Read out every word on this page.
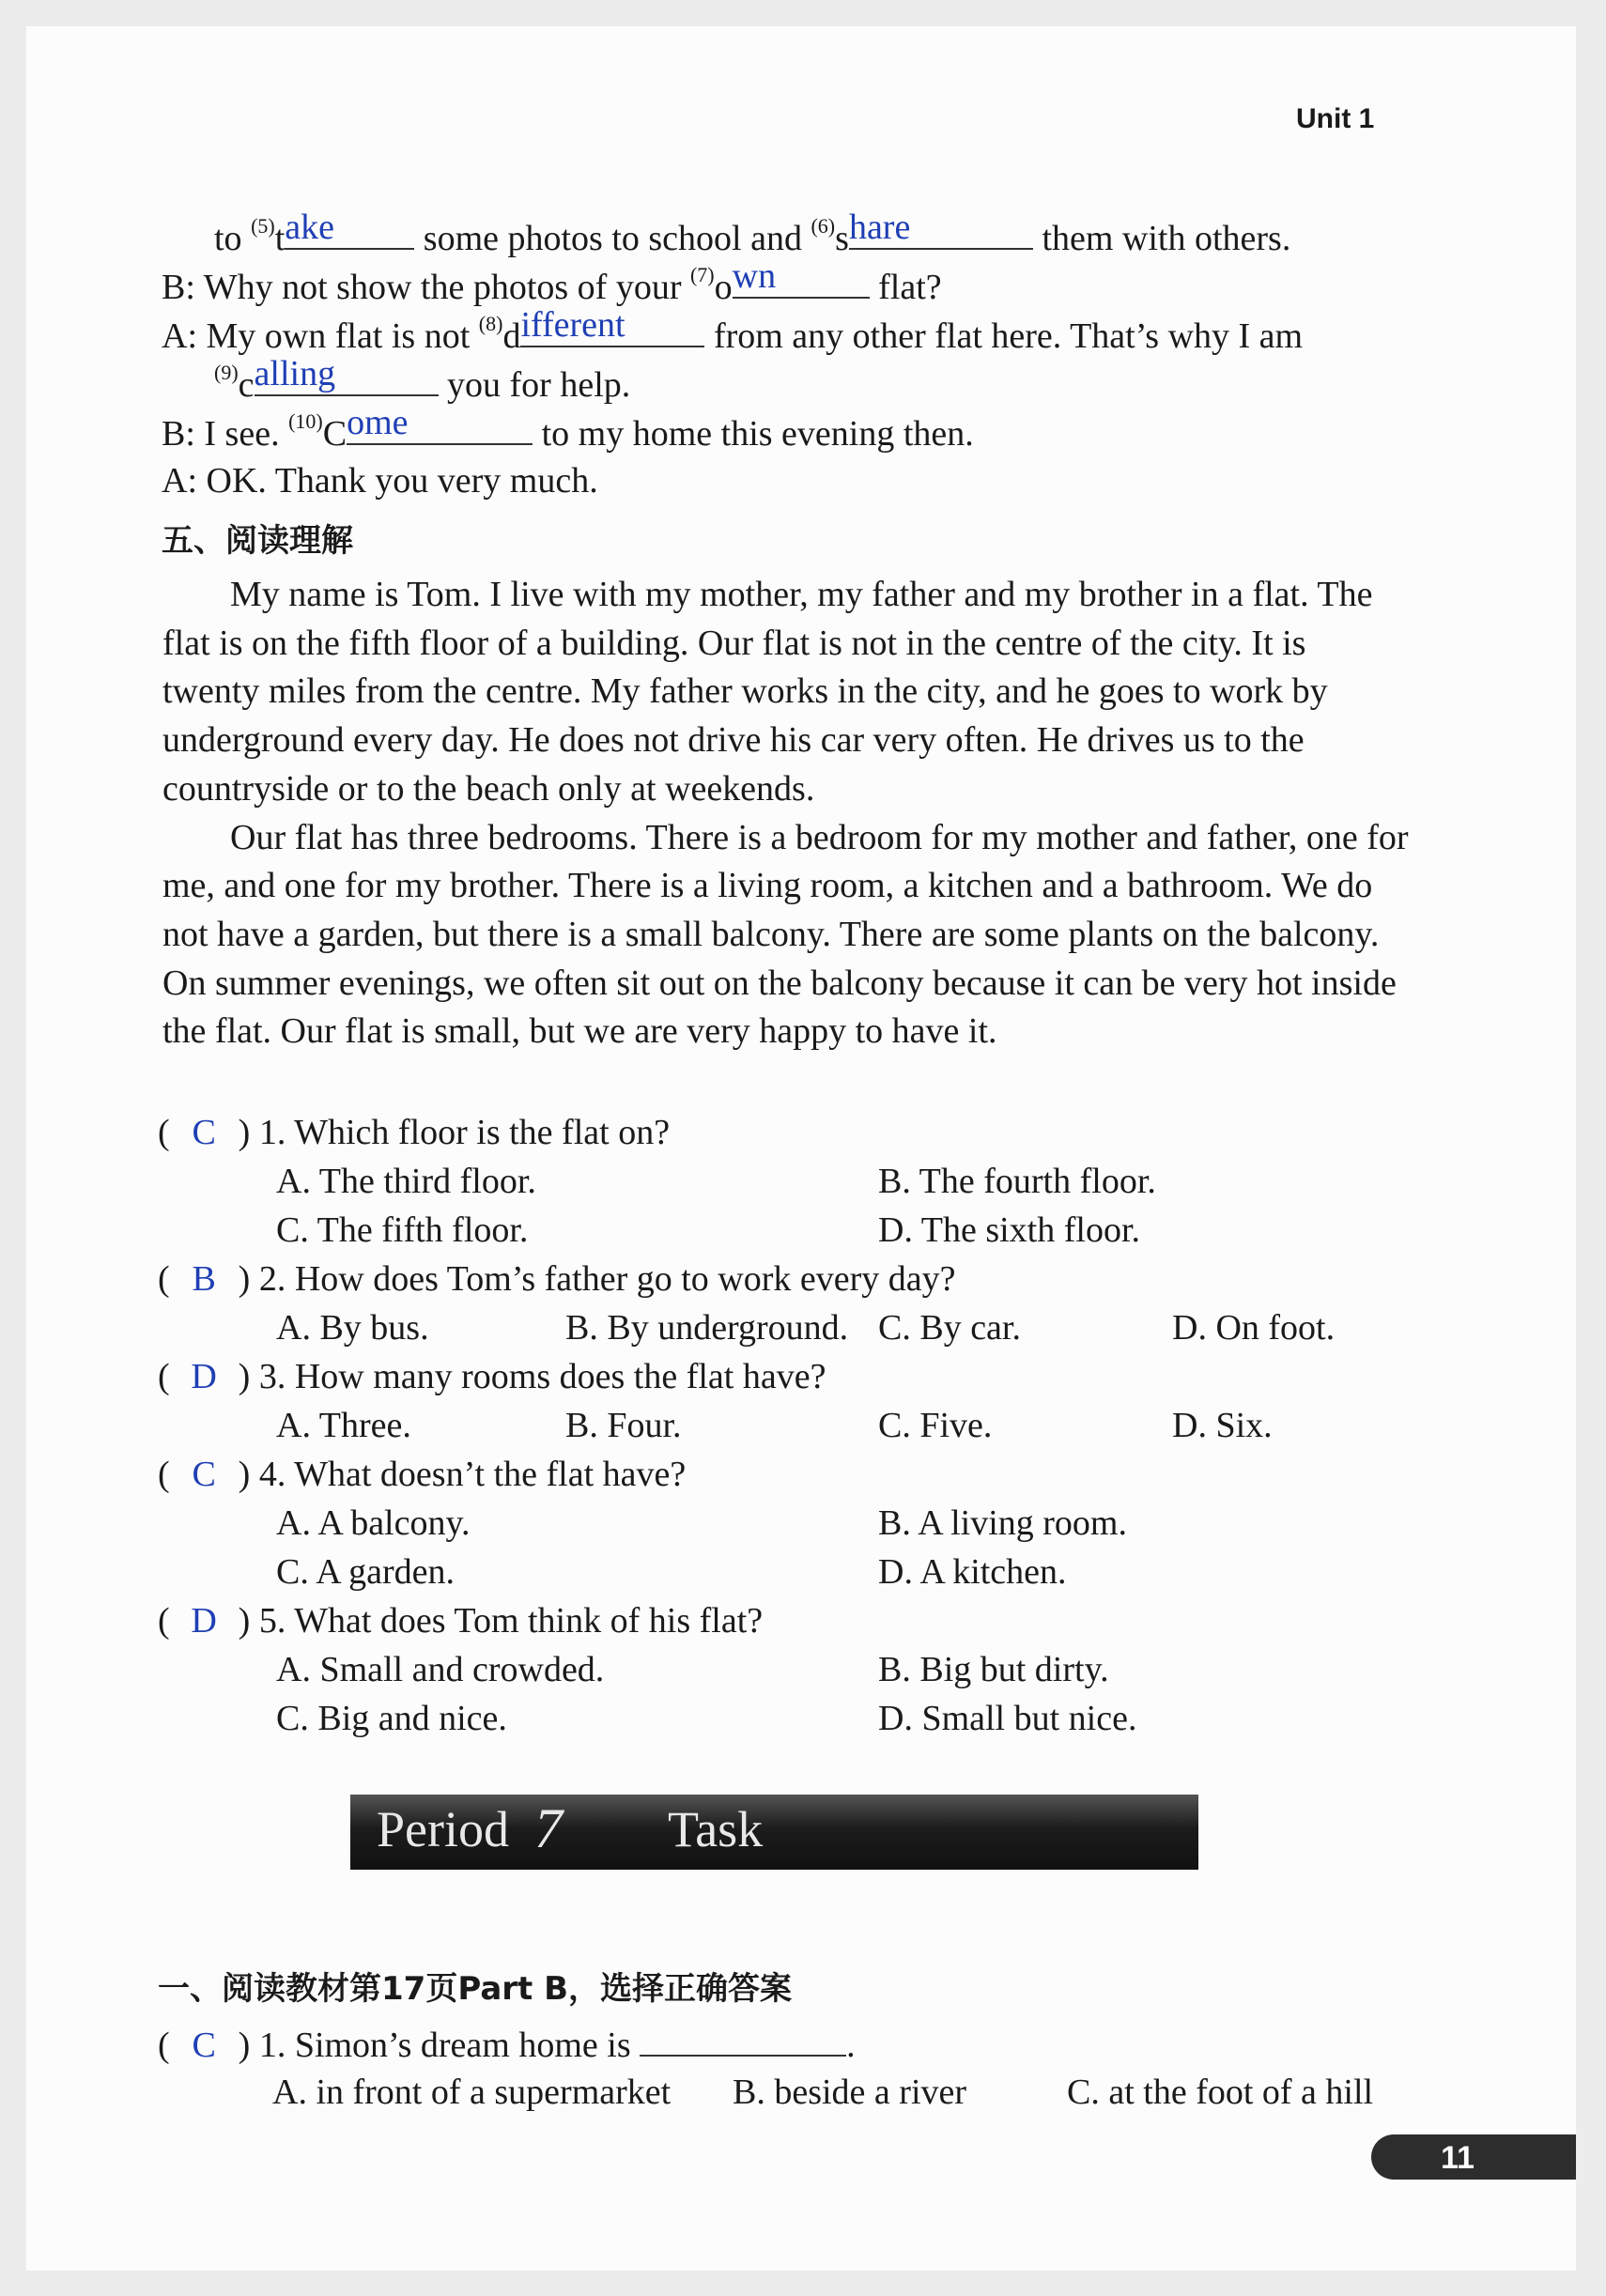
Unit 1
to $^{(5)}$t ake some photos to school and $^{(6)}$s hare	them with others.
B: Why not show the photos of your $^{(7)}$o wn	flat?
A: My own flat is not $^{(8)}$d ifferent from any other flat here. That’s why I am
$^{(9)}$c alling	you for help.
B: I see. $^{(10)}$C ome	to my home this evening then.
A: OK. Thank you very much.
五、阅读理解

My name is Tom. I live with my mother, my father and my brother in a flat. The flat is on the fifth floor of a building. Our flat is not in the centre of the city. It is twenty miles from the centre. My father works in the city, and he goes to work by underground every day. He does not drive his car very often. He drives us to the countryside or to the beach only at weekends.

Our flat has three bedrooms. There is a bedroom for my mother and father, one for me, and one for my brother. There is a living room, a kitchen and a bathroom. We do not have a garden, but there is a small balcony. There are some plants on the balcony. On summer evenings, we often sit out on the balcony because it can be very hot inside the flat. Our flat is small, but we are very happy to have it.

( C ) 1. Which floor is the flat on?
A. The third floor.	B. The fourth floor.
C. The fifth floor.	D. The sixth floor.
( B ) 2. How does Tom’s father go to work every day?
A. By bus.	B. By underground. C. By car.	D. On foot.
( D ) 3. How many rooms does the flat have?
A. Three.	B. Four.	C. Five.	D. Six.
( C ) 4. What doesn’t the flat have?
A. A balcony.	B. A living room.
C. A garden.	D. A kitchen.
( D ) 5. What does Tom think of his flat?
A. Small and crowded.	B. Big but dirty.
C. Big and nice.	D. Small but nice.
Period 7 Task
一、阅读教材第17页Part B，选择正确答案
( C ) 1. Simon’s dream home is	.
A. in front of a supermarket B. beside a river	C. at the foot of a hill
11
